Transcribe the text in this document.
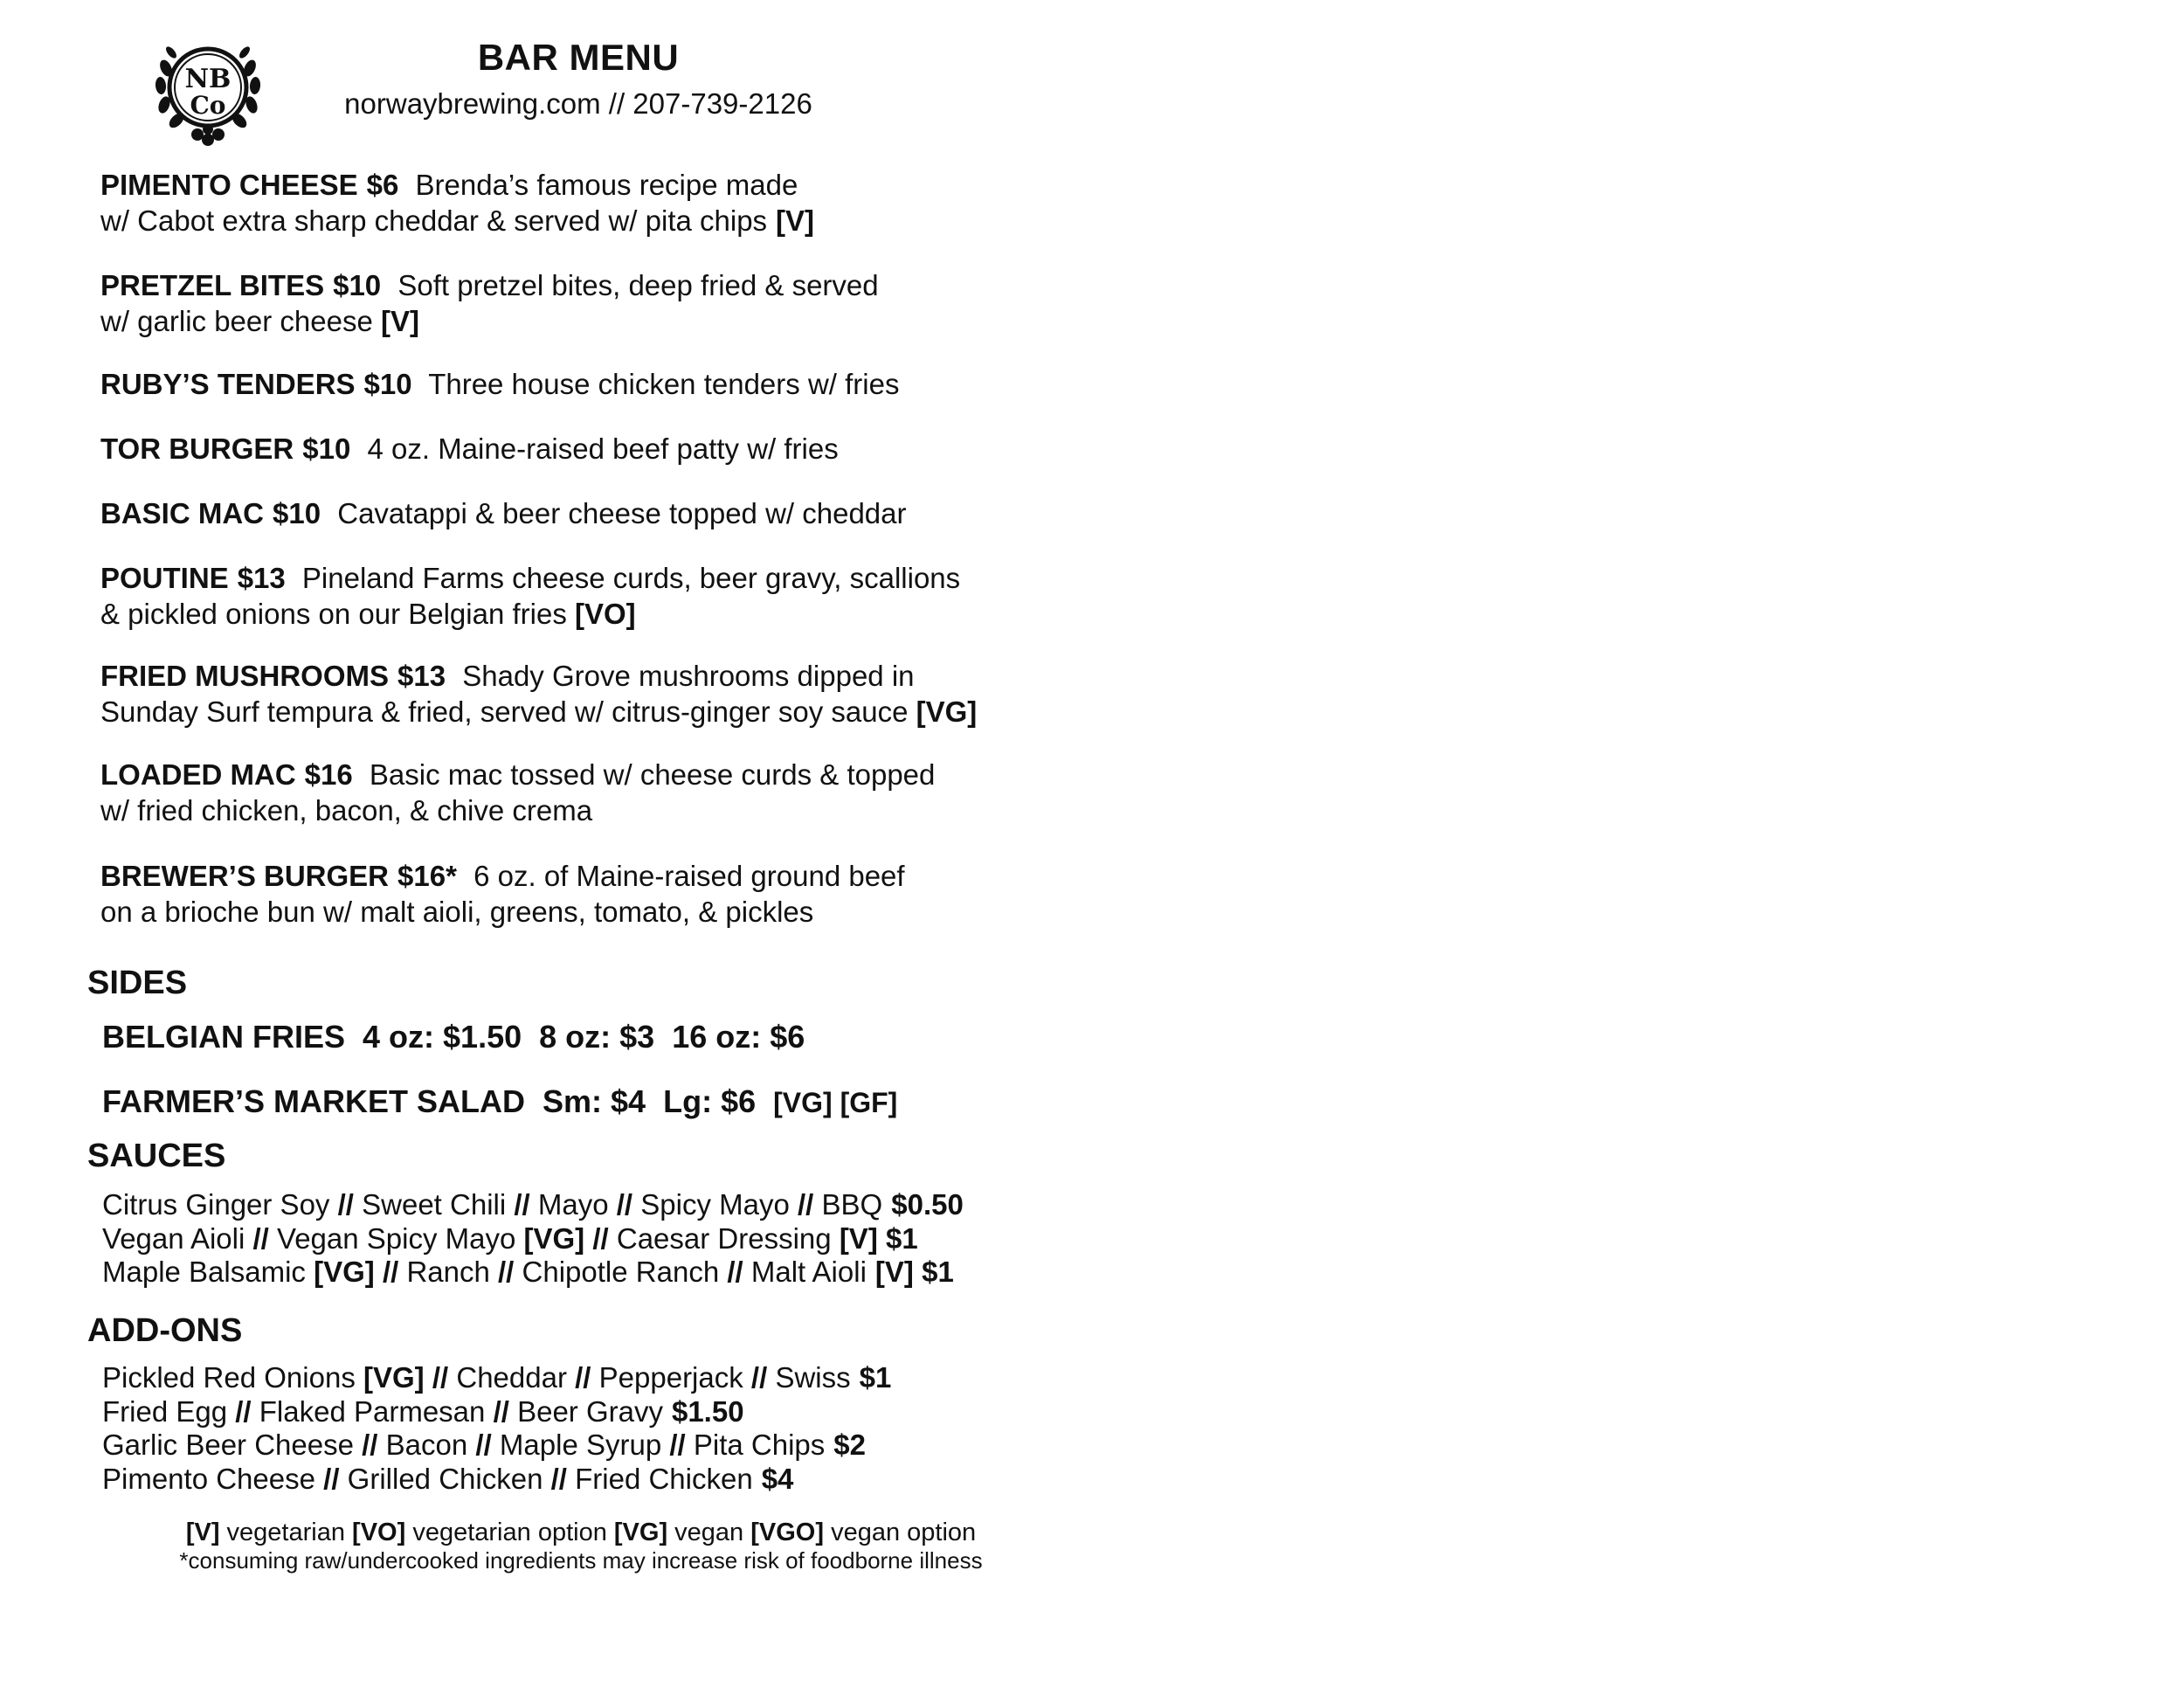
NB
Co
BAR MENU
norwaybrewing.com // 207-739-2126
PIMENTO CHEESE $6 Brenda’s famous recipe made
w/ Cabot extra sharp cheddar & served w/ pita chips [V]
PRETZEL BITES $10 Soft pretzel bites, deep fried & served
w/ garlic beer cheese [V]
RUBY’S TENDERS $10 Three house chicken tenders w/ fries
TOR BURGER $10 4 oz. Maine-raised beef patty w/ fries
BASIC MAC $10 Cavatappi & beer cheese topped w/ cheddar
POUTINE $13 Pineland Farms cheese curds, beer gravy, scallions
& pickled onions on our Belgian fries [VO]
FRIED MUSHROOMS $13 Shady Grove mushrooms dipped in
Sunday Surf tempura & fried, served w/ citrus-ginger soy sauce [VG]
LOADED MAC $16 Basic mac tossed w/ cheese curds & topped
w/ fried chicken, bacon, & chive crema
BREWER’S BURGER $16* 6 oz. of Maine-raised ground beef
on a brioche bun w/ malt aioli, greens, tomato, & pickles
SIDES
BELGIAN FRIES 4 oz: $1.50 8 oz: $3 16 oz: $6
FARMER’S MARKET SALAD Sm: $4 Lg: $6 [VG] [GF]
SAUCES
Citrus Ginger Soy // Sweet Chili // Mayo // Spicy Mayo // BBQ $0.50
Vegan Aioli // Vegan Spicy Mayo [VG] // Caesar Dressing [V] $1
Maple Balsamic [VG] // Ranch // Chipotle Ranch // Malt Aioli [V] $1
ADD-ONS
Pickled Red Onions [VG] // Cheddar // Pepperjack // Swiss $1
Fried Egg // Flaked Parmesan // Beer Gravy $1.50
Garlic Beer Cheese // Bacon // Maple Syrup // Pita Chips $2
Pimento Cheese // Grilled Chicken // Fried Chicken $4
[V] vegetarian [VO] vegetarian option [VG] vegan [VGO] vegan option
*consuming raw/undercooked ingredients may increase risk of foodborne illness
